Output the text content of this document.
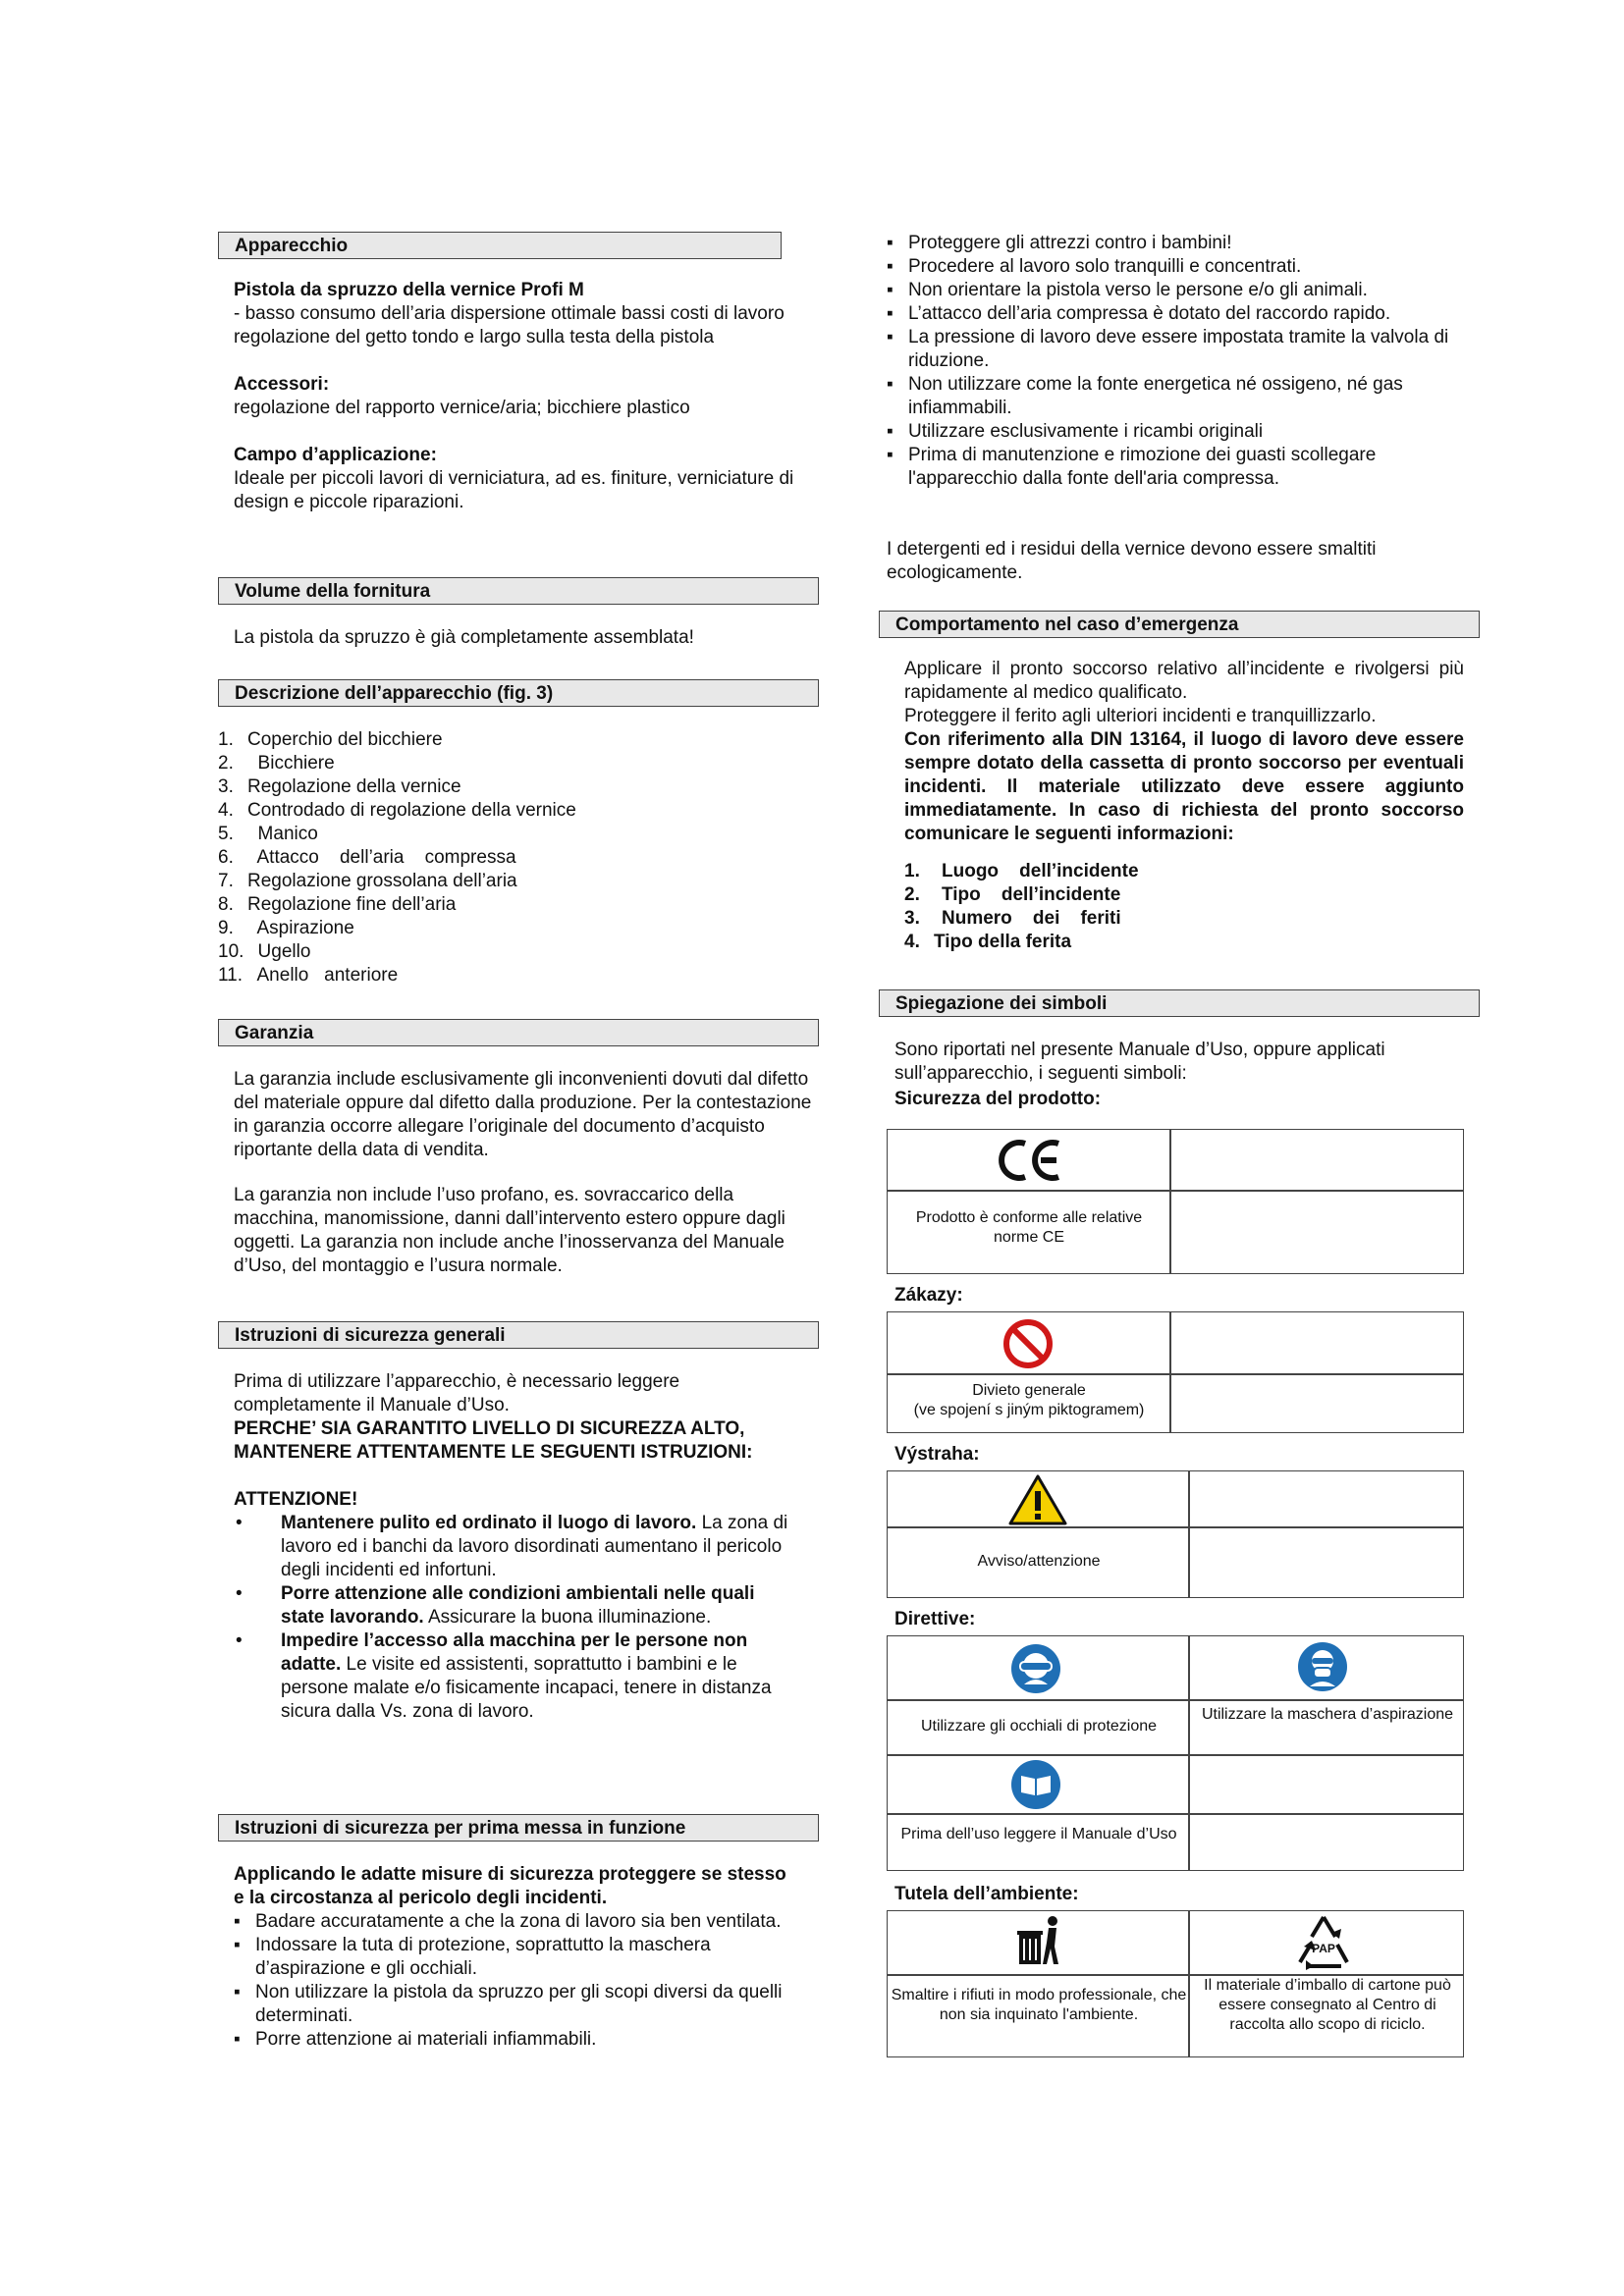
Apparecchio

Pistola da spruzzo della vernice Profi M

- basso consumo dell’aria dispersione ottimale bassi costi di lavoro regolazione del getto tondo e largo sulla testa della pistola

Accessori:

regolazione del rapporto vernice/aria; bicchiere plastico

Campo d’applicazione:

Ideale per piccoli lavori di verniciatura, ad es. finiture, verniciature di design e piccole riparazioni.

Volume della fornitura

La pistola da spruzzo è già completamente assemblata!

Descrizione dell’apparecchio (fig. 3)
1. Coperchio del bicchiere
2. Bicchiere
3. Regolazione della vernice
4. Controdado di regolazione della vernice
5. Manico
6. Attacco    dell’aria    compressa
7. Regolazione grossolana dell’aria
8. Regolazione fine dell’aria
9. Aspirazione
10. Ugello
11. Anello   anteriore
Garanzia

La garanzia include esclusivamente gli inconvenienti dovuti dal difetto del materiale oppure dal difetto dalla produzione. Per la contestazione in garanzia occorre allegare l’originale del documento d’acquisto riportante della data di vendita.

La garanzia non include l’uso profano, es. sovraccarico della macchina, manomissione, danni dall’intervento estero oppure dagli oggetti. La garanzia non include anche l’inosservanza del Manuale d’Uso, del montaggio e l’usura normale.

Istruzioni di sicurezza generali

Prima di utilizzare l’apparecchio, è necessario leggere completamente il Manuale d’Uso.

PERCHE’ SIA GARANTITO LIVELLO DI SICUREZZA ALTO, MANTENERE ATTENTAMENTE LE SEGUENTI ISTRUZIONI:

ATTENZIONE!

• Mantenere pulito ed ordinato il luogo di lavoro. La zona di lavoro ed i banchi da lavoro disordinati aumentano il pericolo degli incidenti ed infortuni.
• Porre attenzione alle condizioni ambientali nelle quali state lavorando. Assicurare la buona illuminazione.
• Impedire l’accesso alla macchina per le persone non adatte. Le visite ed assistenti, soprattutto i bambini e le persone malate e/o fisicamente incapaci, tenere in distanza sicura dalla Vs. zona di lavoro.
Istruzioni di sicurezza per prima messa in funzione

Applicando le adatte misure di sicurezza proteggere se stesso e la circostanza al pericolo degli incidenti.

▪ Badare accuratamente a che la zona di lavoro sia ben ventilata.
▪ Indossare la tuta di protezione, soprattutto la maschera d’aspirazione e gli occhiali.
▪ Non utilizzare la pistola da spruzzo per gli scopi diversi da quelli determinati.
▪ Porre attenzione ai materiali infiammabili.
▪ Proteggere gli attrezzi contro i bambini!
▪ Procedere al lavoro solo tranquilli e concentrati.
▪ Non orientare la pistola verso le persone e/o gli animali.
▪ L’attacco dell’aria compressa è dotato del raccordo rapido.
▪ La pressione di lavoro deve essere impostata tramite la valvola di riduzione.
▪ Non utilizzare come la fonte energetica né ossigeno, né gas infiammabili.
▪ Utilizzare esclusivamente i ricambi originali
▪ Prima di manutenzione e rimozione dei guasti scollegare l'apparecchio dalla fonte dell'aria compressa.

I detergenti ed i residui della vernice devono essere smaltiti ecologicamente.

Comportamento nel caso d’emergenza

Applicare il pronto soccorso relativo all’incidente e rivolgersi più rapidamente al medico qualificato.

Proteggere il ferito agli ulteriori incidenti e tranquillizzarlo.

Con riferimento alla DIN 13164, il luogo di lavoro deve essere sempre dotato della cassetta di pronto soccorso per eventuali incidenti. Il materiale utilizzato deve essere aggiunto immediatamente. In caso di richiesta del pronto soccorso comunicare le seguenti informazioni:

1.	Luogo    dell’incidente
2.	Tipo    dell’incidente
3.	Numero    dei    feriti
4. Tipo della ferita
Spiegazione dei simboli

Sono riportati nel presente Manuale d’Uso, oppure applicati sull’apparecchio, i seguenti simboli:

Sicurezza del prodotto:

CE
Prodotto è conforme alle relative norme CE

Zákazy:

Divieto generale
(ve spojení s jiným piktogramem)

Výstraha:

Avviso/attenzione

Direttive:

Utilizzare gli occhiali di protezione
Utilizzare la maschera d’aspirazione
Prima dell’uso leggere il Manuale d’Uso

Tutela dell’ambiente:

Smaltire i rifiuti in modo professionale, che non sia inquinato l'ambiente.
PAP
Il materiale d’imballo di cartone può essere consegnato al Centro di raccolta allo scopo di riciclo.
